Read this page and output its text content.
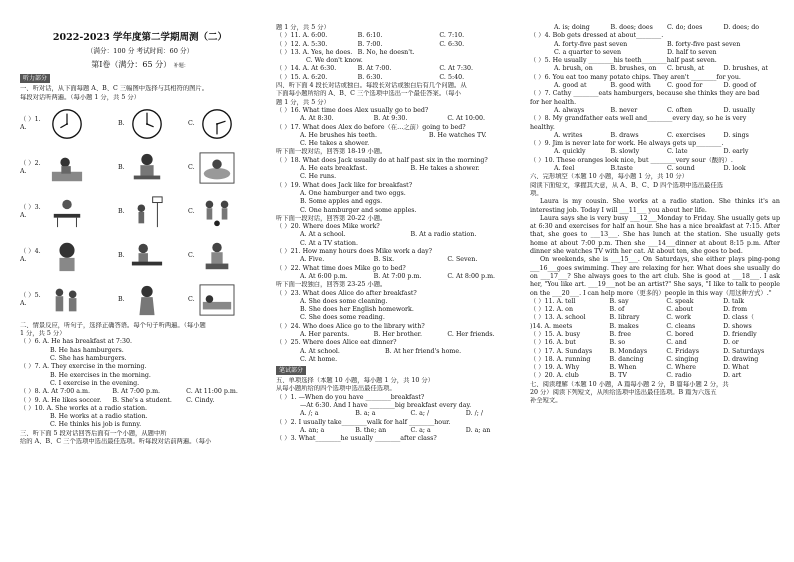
2022-2023 学年度第二学期周测（二）
（满分：100 分 考试时间：60 分）
第Ⅰ卷（满分：65 分） 补题：
听力部分
一、听对话，从下面每题 A、B、C 三幅图中选择与其相符的图片。
每段对话听两遍。（每小题 1 分，共 5 分）
（ ）1. A.
B.	C.
（ ）2. A.
B.	C.
（ ）3. A.
B.	C.
（ ）4. A.
B.	C.
（ ）5. A.
B.	C.
二、情景反应，听句子，选择正确答语。每个句子听两遍。（每小题
1 分，共 5 分）
（ ）6. A. He has breakfast at 7:30.
B. He has hamburgers.
C. She has hamburgers.
（ ）7. A. They exercise in the morning.
B. He exercises in the morning.
C. I exercise in the evening.
（ ）8. A. At 7:00 a.m.	B. At 7:00 p.m.	C. At 11:00 p.m.
（ ）9. A. He likes soccer.	B. She's a student.	C. Cindy.
（ ）10. A. She works at a radio station.
B. He works at a radio station.
C. He thinks his job is funny.
三、听下面 5 段对话回答后面有一个小题，从题中所
给的 A、B、C 三个选项中选出最佳选项。听每段对话前两遍。（每小
题 1 分，共 5 分）
（ ）11. A. 6:00.	B. 6:10.	C. 7:10.
（ ）12. A. 5:30.	B. 7:00.	C. 6:30.
（ ）13. A. Yes, he does. B. No, he doesn't.
C. We don't know.
（ ）14. A. At 6:30.	B. At 7:00.	C. At 7:30.
（ ）15. A. 6:20.	B. 6:30.	C. 5:40.
四、听下面 4 段长对话或独白。每段长对话或独白后有几个问题。从
下面每小题所给的 A、B、C 三个选项中选出一个最佳答案。（每小
题 1 分，共 5 分）
（ ）16. What time does Alex usually go to bed?
A. At 8:30.	B. At 9:30.	C. At 10:00.
（ ）17. What does Alex do before（在…之前）going to bed?
A. He brushes his teeth.	B. He watches TV.
C. He takes a shower.
听下面一段对话，回答第 18-19 小题。
（ ）18. What does Jack usually do at half past six in the morning?
A. He eats breakfast.	B. He takes a shower.
C. He runs.
（ ）19. What does Jack like for breakfast?
A. One hamburger and two eggs.
B. Some apples and eggs.
C. One hamburger and some apples.
听下面一段对话，回答第 20-22 小题。
（ ）20. Where does Mike work?
A. At a school.	B. At a radio station.
C. At a TV station.
（ ）21. How many hours does Mike work a day?
A. Five.	B. Six.	C. Seven.
（ ）22. What time does Mike go to bed?
A. At 6:00 p.m.	B. At 7:00 p.m.	C. At 8:00 p.m.
听下面一段独白，回答第 23-25 小题。
（ ）23. What does Alice do after breakfast?
A. She does some cleaning.
B. She does her English homework.
C. She does some reading.
（ ）24. Who does Alice go to the library with?
A. Her parents.	B. Her brother.	C. Her friends.
（ ）25. Where does Alice eat dinner?
A. At school.	B. At her friend's home.
C. At home.
笔试部分
五、单项选择（本题 10 小题，每小题 1 分，共 10 分）
从每小题所给的四个选项中选出最佳选项。
（ ）1. —When do you have ________breakfast?
—At 6:30. And I have ________big breakfast every day.
A. /; a	B. a; a	C. a; /	D. /; /
（ ）2. I usually take________walk for half ________hour.
A. an; a	B. the; an	C. a; a	D. a; an
（ ）3. What________he usually ________after class?
A. is; doing	B. does; does	C. do; does	D. does; do
（ ）4. Bob gets dressed at about________.
A. forty-five past seven	B. forty-five past seven
C. a quarter to seven	D. half to seven
（ ）5. He usually ________his teeth________half past seven.
A. brush, on	B. brushes, on	C. brush, at	D. brushes, at
（ ）6. You eat too many potato chips. They aren't ________for you.
A. good at	B. good with	C. good for	D. good of
（ ）7. Cathy ________eats hamburgers, because she thinks they are bad
for her health.
A. always	B. never	C. often	D. usually
（ ）8. My grandfather eats well and________every day, so he is very
healthy.
A. writes	B. draws	C. exercises	D. sings
（ ）9. Jim is never late for work. He always gets up________.
A. quickly	B. slowly	C. late	D. early
（ ）10. These oranges look nice, but ________very sour（酸的）.
A. feel	B.taste	C. sound	D. look
六、完形填空（本题 10 小题，每小题 1 分，共 10 分）
阅读下面短文，掌握其大意，从 A、B、C、D 四个选项中选出最佳选
项。
Laura is my cousin. She works at a radio station. She thinks it's an interesting job. Today I will ___11___ you about her life.
Laura says she is very busy ___12___Monday to Friday. She usually gets up at 6:30 and exercises for half an hour. She has a nice breakfast at 7:15. After that, she goes to ___13___. She has lunch at the station. She usually gets home at about 7:00 p.m. Then she ___14___dinner at about 8:15 p.m. After dinner she watches TV with her cat. At about ten, she goes to bed.
On weekends, she is ___15___. On Saturdays, she either plays ping-pong ___16___goes swimming. They are relaxing for her. What does she usually do on ___17___? She always goes to the art club. She is good at ___18___. I ask her, "You like art. ___19___not be an artist?" She says, "I like to talk to people on the ___20___. I can help more（更多的）people in this way（用这种方式）."
（ ）11. A. tell	B. say	C. speak	D. talk
（ ）12. A. on	B. of	C. about	D. from
（ ）13. A. school	B. library	C. work	D. class（
)14. A. meets	B. makes	C. cleans	D. shows
（ ）15. A. busy	B. free	C. bored	D. friendly
（ ）16. A. but	B. so	C. and	D. or
（ ）17. A. Sundays	B. Mondays	C. Fridays	D. Saturdays
（ ）18. A. running	B. dancing	C. singing	D. drawing
（ ）19. A. Why	B. When	C. Where	D. What
（ ）20. A. club	B. TV	C. radio	D. art
七、阅读理解（本题 10 小题，A 篇每小题 2 分，B 篇每小题 2 分，共
20 分）阅读下列短文，从所给选项中选出最佳选项。B 篇为六选五
补全短文。
